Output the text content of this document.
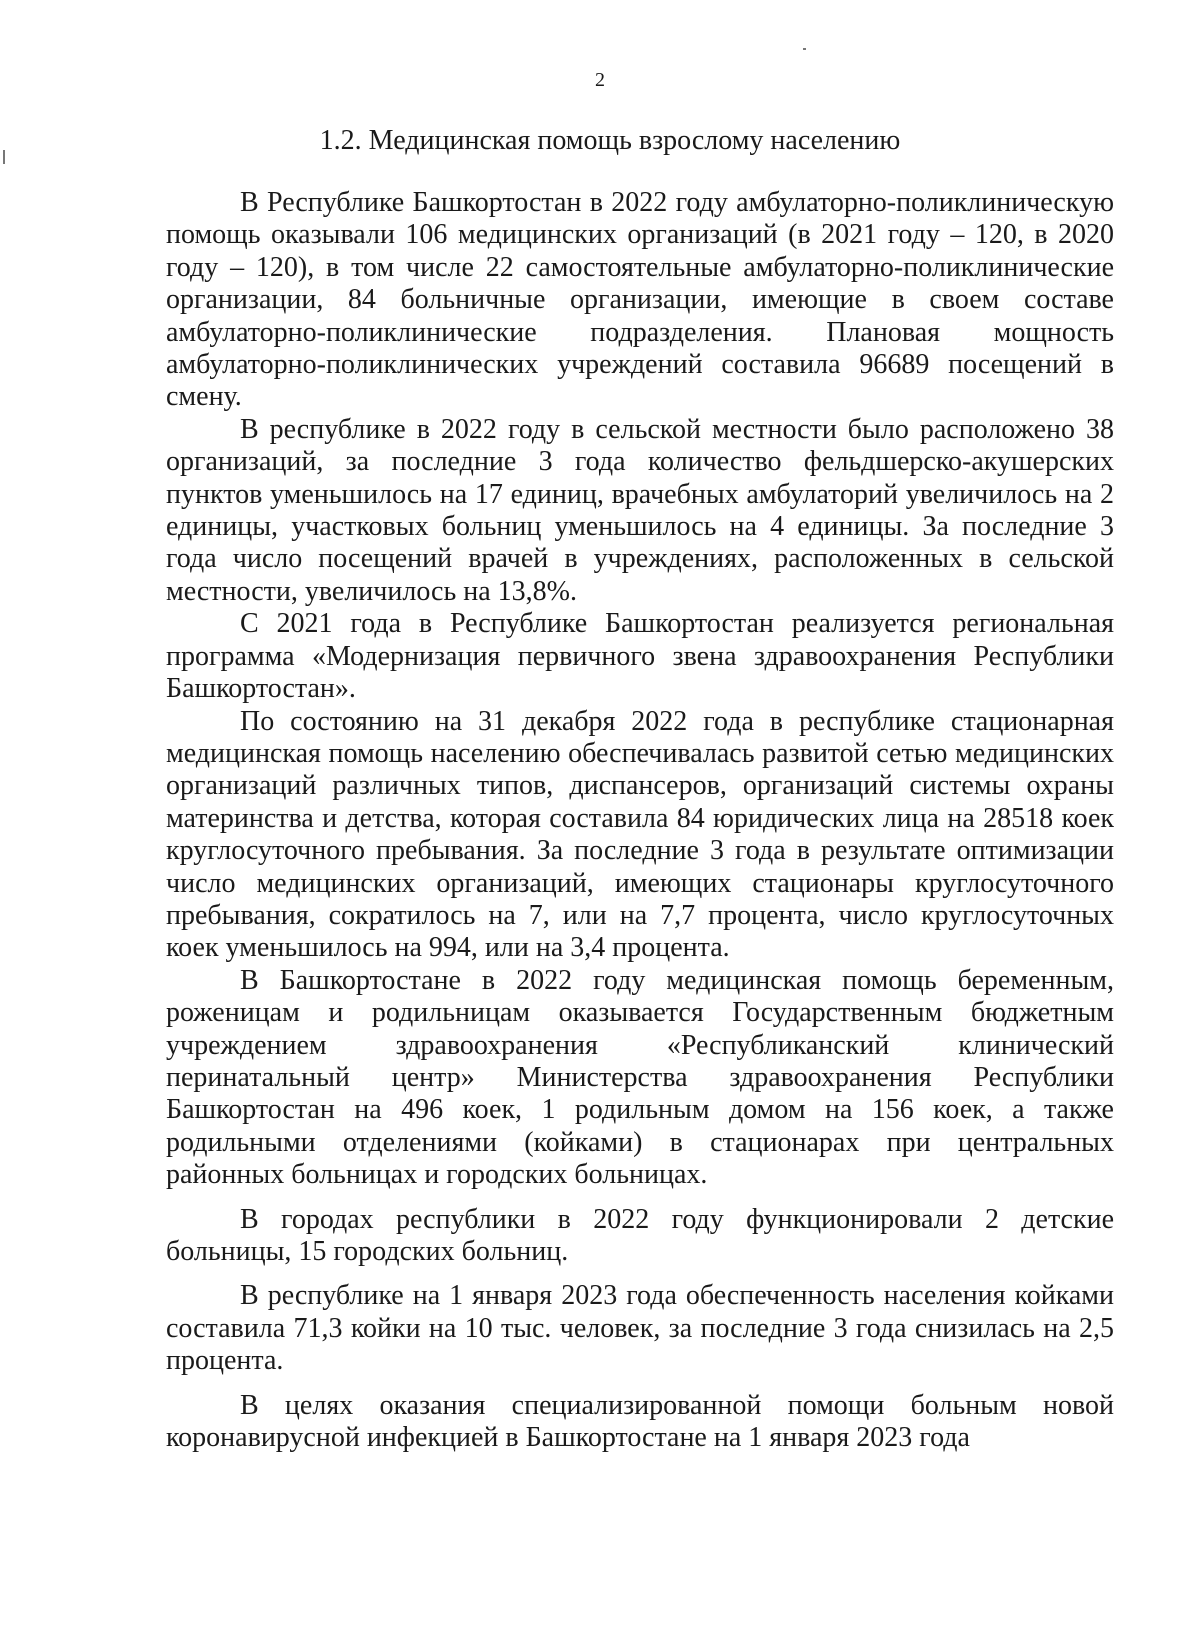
2
1.2. Медицинская помощь взрослому населению

В Республике Башкортостан в 2022 году амбулаторно-поликлиническую помощь оказывали 106 медицинских организаций (в 2021 году – 120, в 2020 году – 120), в том числе 22 самостоятельные амбулаторно-поликлинические организации, 84 больничные организации, имеющие в своем составе амбулаторно-поликлинические подразделения. Плановая мощность амбулаторно-поликлинических учреждений составила 96689 посещений в смену.

В республике в 2022 году в сельской местности было расположено 38 организаций, за последние 3 года количество фельдшерско-акушерских пунктов уменьшилось на 17 единиц, врачебных амбулаторий увеличилось на 2 единицы, участковых больниц уменьшилось на 4 единицы. За последние 3 года число посещений врачей в учреждениях, расположенных в сельской местности, увеличилось на 13,8%.

С 2021 года в Республике Башкортостан реализуется региональная программа «Модернизация первичного звена здравоохранения Республики Башкортостан».

По состоянию на 31 декабря 2022 года в республике стационарная медицинская помощь населению обеспечивалась развитой сетью медицинских организаций различных типов, диспансеров, организаций системы охраны материнства и детства, которая составила 84 юридических лица на 28518 коек круглосуточного пребывания. За последние 3 года в результате оптимизации число медицинских организаций, имеющих стационары круглосуточного пребывания, сократилось на 7, или на 7,7 процента, число круглосуточных коек уменьшилось на 994, или на 3,4 процента.

В Башкортостане в 2022 году медицинская помощь беременным, роженицам и родильницам оказывается Государственным бюджетным учреждением здравоохранения «Республиканский клинический перинатальный центр» Министерства здравоохранения Республики Башкортостан на 496 коек, 1 родильным домом на 156 коек, а также родильными отделениями (койками) в стационарах при центральных районных больницах и городских больницах.

В городах республики в 2022 году функционировали 2 детские больницы, 15 городских больниц.

В республике на 1 января 2023 года обеспеченность населения койками составила 71,3 койки на 10 тыс. человек, за последние 3 года снизилась на 2,5 процента.

В целях оказания специализированной помощи больным новой коронавирусной инфекцией в Башкортостане на 1 января 2023 года
